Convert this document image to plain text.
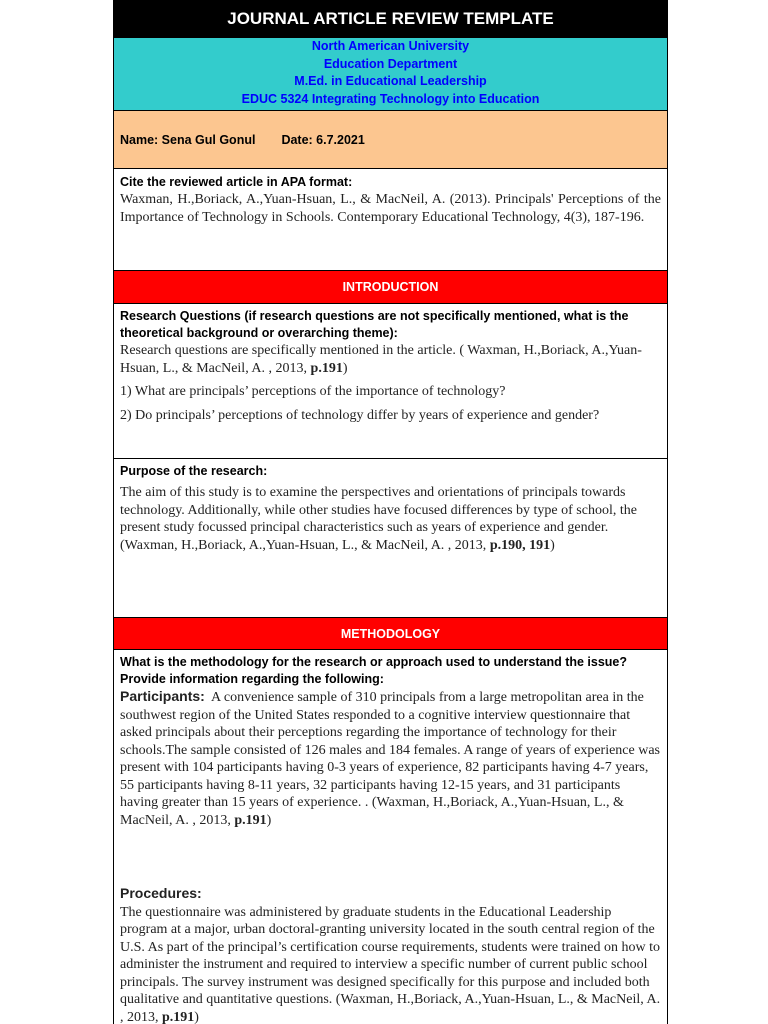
JOURNAL ARTICLE REVIEW TEMPLATE
North American University
Education Department
M.Ed. in Educational Leadership
EDUC 5324 Integrating Technology into Education
Name: Sena Gul Gonul Date: 6.7.2021

Cite the reviewed article in APA format:

Waxman, H.,Boriack, A.,Yuan-Hsuan, L., & MacNeil, A. (2013). Principals' Perceptions of the Importance of Technology in Schools. Contemporary Educational Technology, 4(3), 187-196.

INTRODUCTION

Research Questions (if research questions are not specifically mentioned, what is the theoretical background or overarching theme):

Research questions are specifically mentioned in the article. ( Waxman, H.,Boriack, A.,Yuan-Hsuan, L., & MacNeil, A. , 2013, p.191)

1) What are principals’ perceptions of the importance of technology?

2) Do principals’ perceptions of technology differ by years of experience and gender?

Purpose of the research:

The aim of this study is to examine the perspectives and orientations of principals towards technology. Additionally, while other studies have focused differences by type of school, the present study focussed principal characteristics such as years of experience and gender. (Waxman, H.,Boriack, A.,Yuan-Hsuan, L., & MacNeil, A. , 2013, p.190, 191)

METHODOLOGY

What is the methodology for the research or approach used to understand the issue? Provide information regarding the following:

Participants:  A convenience sample of 310 principals from a large metropolitan area in the southwest region of the United States responded to a cognitive interview questionnaire that asked principals about their perceptions regarding the importance of technology for their schools.The sample consisted of 126 males and 184 females. A range of years of experience was present with 104 participants having 0-3 years of experience, 82 participants having 4-7 years, 55 participants having 8-11 years, 32 participants having 12-15 years, and 31 participants having greater than 15 years of experience. . (Waxman, H.,Boriack, A.,Yuan-Hsuan, L., & MacNeil, A. , 2013, p.191)

Procedures:

The questionnaire was administered by graduate students in the Educational Leadership program at a major, urban doctoral-granting university located in the south central region of the U.S. As part of the principal’s certification course requirements, students were trained on how to administer the instrument and required to interview a specific number of current public school principals. The survey instrument was designed specifically for this purpose and included both qualitative and quantitative questions. (Waxman, H.,Boriack, A.,Yuan-Hsuan, L., & MacNeil, A. , 2013, p.191)
